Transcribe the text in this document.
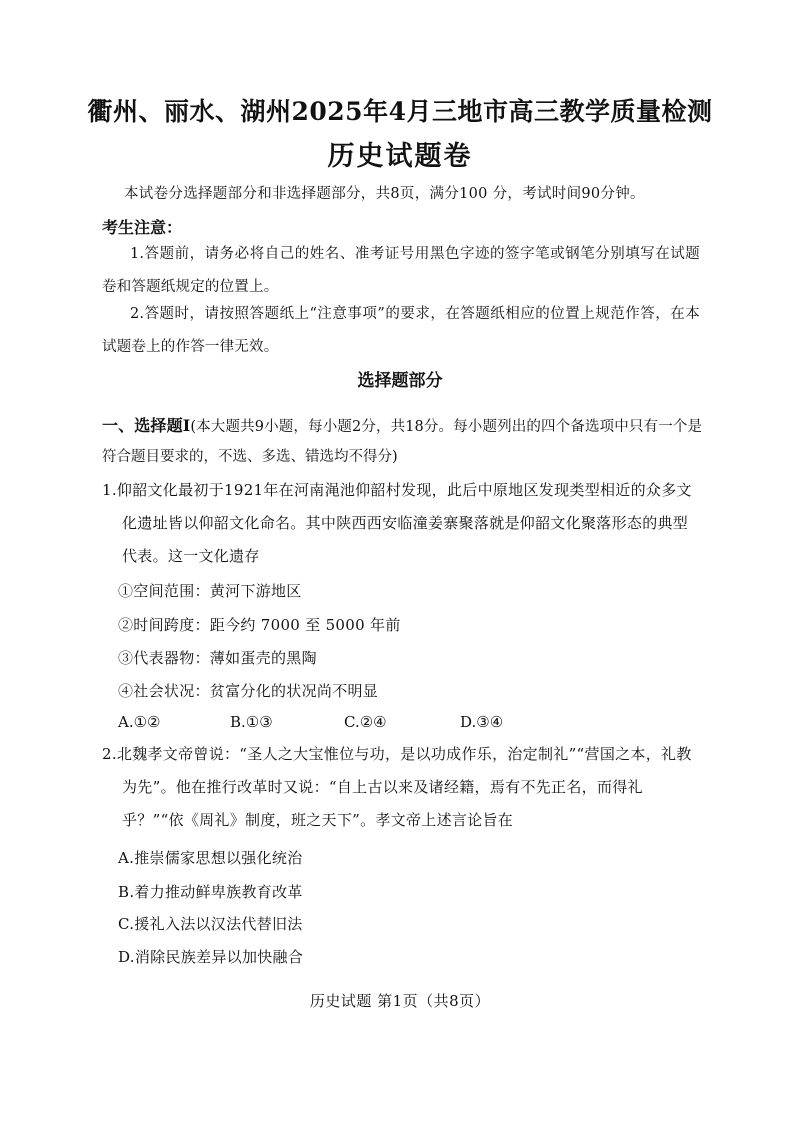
衢州、丽水、湖州2025年4月三地市高三教学质量检测
历史试题卷
本试卷分选择题部分和非选择题部分，共8页，满分100 分，考试时间90分钟。
考生注意：
1.答题前，请务必将自己的姓名、准考证号用黑色字迹的签字笔或钢笔分别填写在试题卷和答题纸规定的位置上。
2.答题时，请按照答题纸上“注意事项”的要求，在答题纸相应的位置上规范作答，在本试题卷上的作答一律无效。
选择题部分
一、选择题Ⅰ(本大题共9小题，每小题2分，共18分。每小题列出的四个备选项中只有一个是符合题目要求的，不选、多选、错选均不得分)
1.仰韶文化最初于1921年在河南渑池仰韶村发现，此后中原地区发现类型相近的众多文化遗址皆以仰韶文化命名。其中陕西西安临潼姜寨聚落就是仰韶文化聚落形态的典型代表。这一文化遗存
①空间范围：黄河下游地区
②时间跨度：距今约 7000 至 5000 年前
③代表器物：薄如蛋壳的黑陶
④社会状况：贫富分化的状况尚不明显
A.①②	B.①③	C.②④	D.③④
2.北魏孝文帝曾说：“圣人之大宝惟位与功，是以功成作乐，治定制礼”“营国之本，礼教为先”。他在推行改革时又说：“自上古以来及诸经籍，焉有不先正名，而得礼乎？”“依《周礼》制度，班之天下”。孝文帝上述言论旨在
A.推崇儒家思想以强化统治
B.着力推动鲜卑族教育改革
C.援礼入法以汉法代替旧法
D.消除民族差异以加快融合
历史试题 第1页（共8页）
